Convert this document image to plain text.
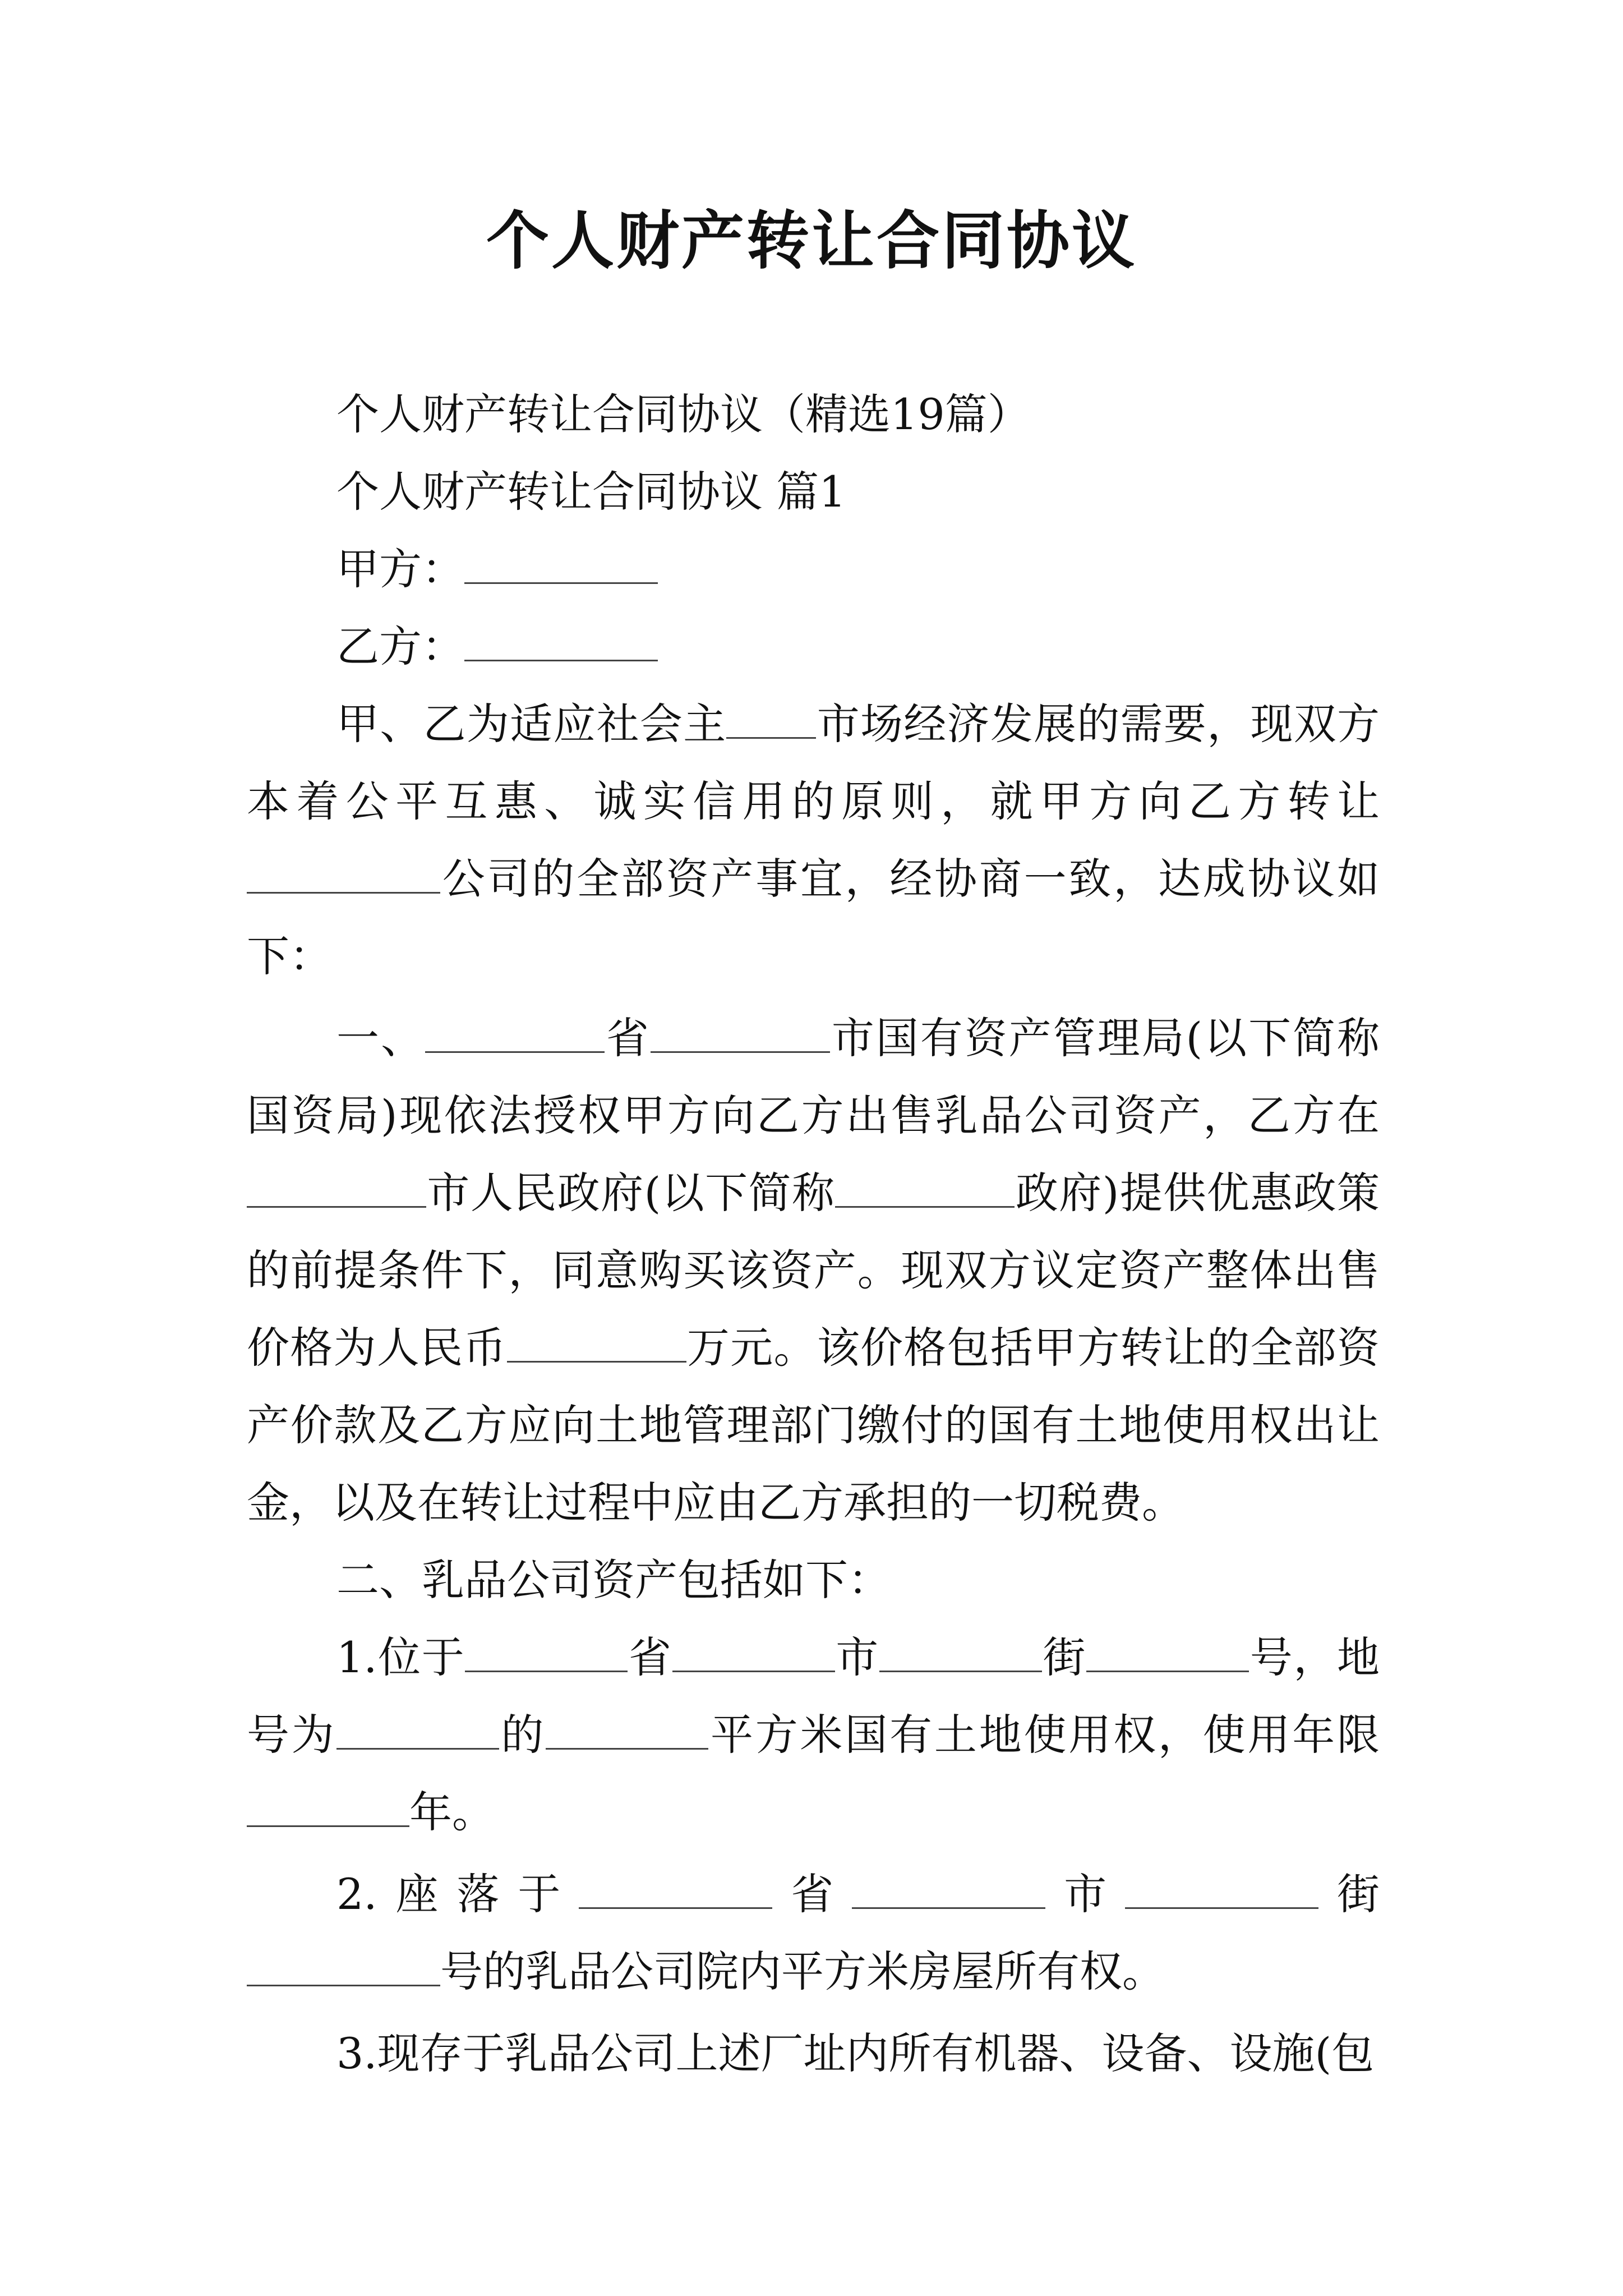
个人财产转让合同协议

个人财产转让合同协议（精选19篇）

个人财产转让合同协议 篇1

甲方：

乙方：

甲、乙为适应社会主 市场经济发展的需要，现双方本着公平互惠、诚实信用的原则，就甲方向乙方转让公司的全部资产事宜，经协商一致，达成协议如下：

一、	省	市国有资产管理局(以下简称国资局)现依法授权甲方向乙方出售乳品公司资产，乙方在市人民政府(以下简称	政府)提供优惠政策的前提条件下，同意购买该资产。现双方议定资产整体出售价格为人民币	万元。该价格包括甲方转让的全部资产价款及乙方应向土地管理部门缴付的国有土地使用权出让金，以及在转让过程中应由乙方承担的一切税费。

二、乳品公司资产包括如下：

1.位于	省	市	街	号，地号为	的	平方米国有土地使用权，使用年限年。

2.座落于	省	市	街号的乳品公司院内平方米房屋所有权。

3.现存于乳品公司上述厂址内所有机器、设备、设施(包
